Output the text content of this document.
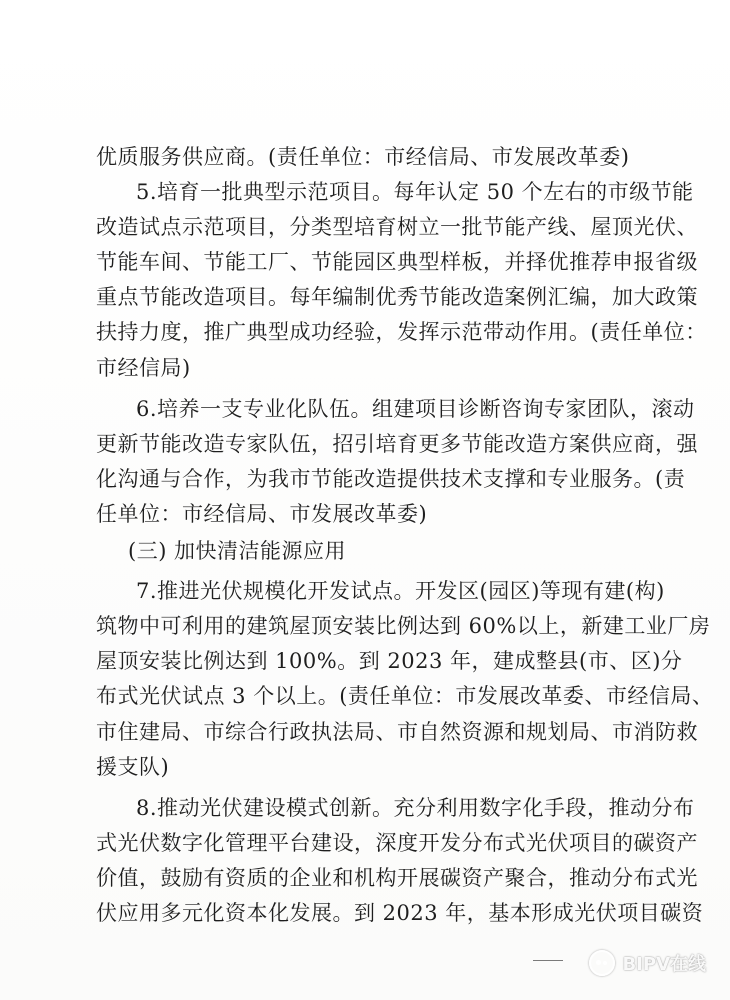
优质服务供应商。(责任单位：市经信局、市发展改革委)
5.培育一批典型示范项目。每年认定 50 个左右的市级节能
改造试点示范项目，分类型培育树立一批节能产线、屋顶光伏、
节能车间、节能工厂、节能园区典型样板，并择优推荐申报省级
重点节能改造项目。每年编制优秀节能改造案例汇编，加大政策
扶持力度，推广典型成功经验，发挥示范带动作用。(责任单位：
市经信局)
6.培养一支专业化队伍。组建项目诊断咨询专家团队，滚动
更新节能改造专家队伍，招引培育更多节能改造方案供应商，强
化沟通与合作，为我市节能改造提供技术支撑和专业服务。(责
任单位：市经信局、市发展改革委)
(三) 加快清洁能源应用
7.推进光伏规模化开发试点。开发区(园区)等现有建(构)
筑物中可利用的建筑屋顶安装比例达到 60%以上，新建工业厂房
屋顶安装比例达到 100%。到 2023 年，建成整县(市、区)分
布式光伏试点 3 个以上。(责任单位：市发展改革委、市经信局、
市住建局、市综合行政执法局、市自然资源和规划局、市消防救
援支队)
8.推动光伏建设模式创新。充分利用数字化手段，推动分布
式光伏数字化管理平台建设，深度开发分布式光伏项目的碳资产
价值，鼓励有资质的企业和机构开展碳资产聚合，推动分布式光
伏应用多元化资本化发展。到 2023 年，基本形成光伏项目碳资
BIPV在线
